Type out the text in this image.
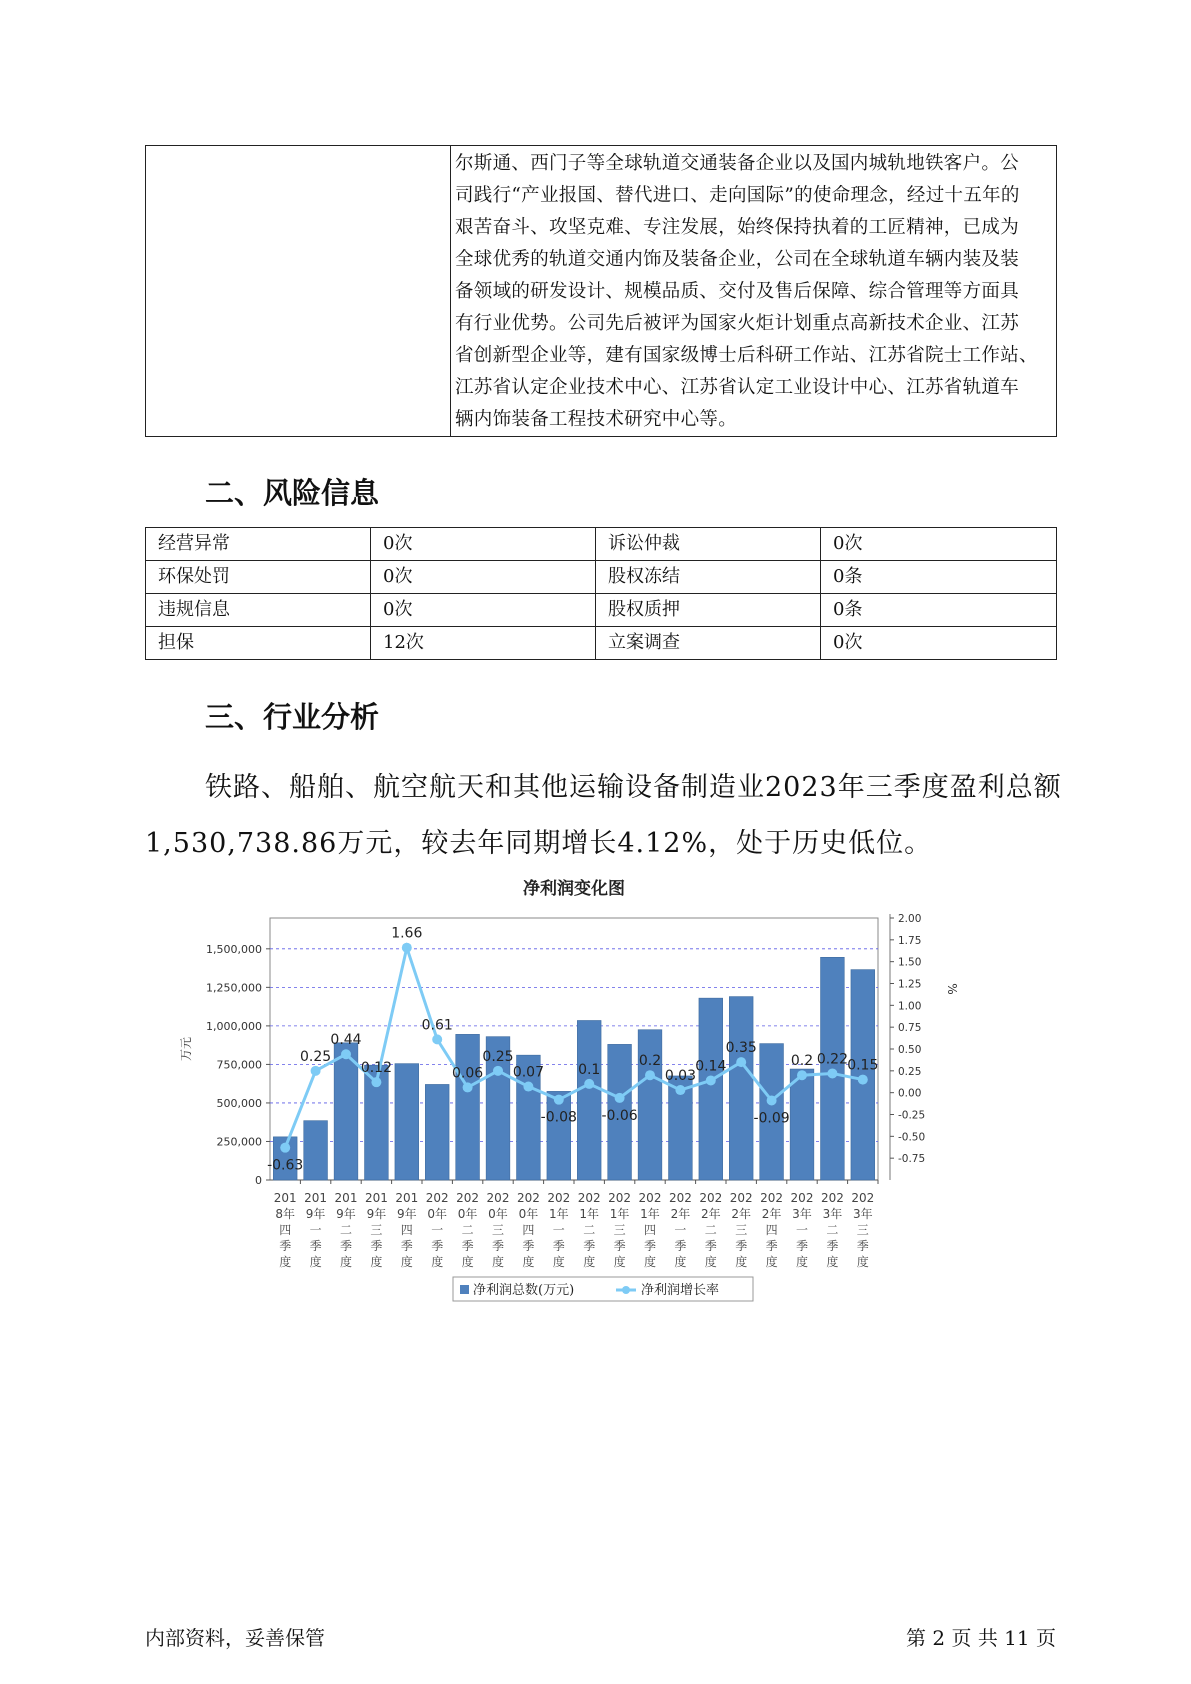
尔斯通、西门子等全球轨道交通装备企业以及国内城轨地铁客户。公
司践行“产业报国、替代进口、走向国际”的使命理念，经过十五年的
艰苦奋斗、攻坚克难、专注发展，始终保持执着的工匠精神，已成为
全球优秀的轨道交通内饰及装备企业，公司在全球轨道车辆内装及装
备领域的研发设计、规模品质、交付及售后保障、综合管理等方面具
有行业优势。公司先后被评为国家火炬计划重点高新技术企业、江苏
省创新型企业等，建有国家级博士后科研工作站、江苏省院士工作站、
江苏省认定企业技术中心、江苏省认定工业设计中心、江苏省轨道车
辆内饰装备工程技术研究中心等。
二、风险信息
经营异常	0次	诉讼仲裁	0次
环保处罚	0次	股权冻结	0条
违规信息	0次	股权质押	0条
担保	12次	立案调查	0次
三、行业分析
铁路、船舶、航空航天和其他运输设备制造业2023年三季度盈利总额
1,530,738.86万元，较去年同期增长4.12%，处于历史低位。
净利润变化图
0
250,000
500,000
750,000
1,000,000
1,250,000
1,500,000
万元
-0.75
-0.50
-0.25
0.00
0.25
0.50
0.75
1.00
1.25
1.50
1.75
2.00
%
201
8年
四
季
度
201
9年
一
季
度
201
9年
二
季
度
201
9年
三
季
度
201
9年
四
季
度
202
0年
一
季
度
202
0年
二
季
度
202
0年
三
季
度
202
0年
四
季
度
202
1年
一
季
度
202
1年
二
季
度
202
1年
三
季
度
202
1年
四
季
度
202
2年
一
季
度
202
2年
二
季
度
202
2年
三
季
度
202
2年
四
季
度
202
3年
一
季
度
202
3年
二
季
度
202
3年
三
季
度
-0.63
0.25
0.44
0.12
1.66
0.61
0.06
0.25
0.07
-0.08
0.1
-0.06
0.2
0.03
0.14
0.35
-0.09
0.2 0.22 0.15
净利润总数(万元)	净利润增长率
内部资料，妥善保管	第 2 页 共 11 页
